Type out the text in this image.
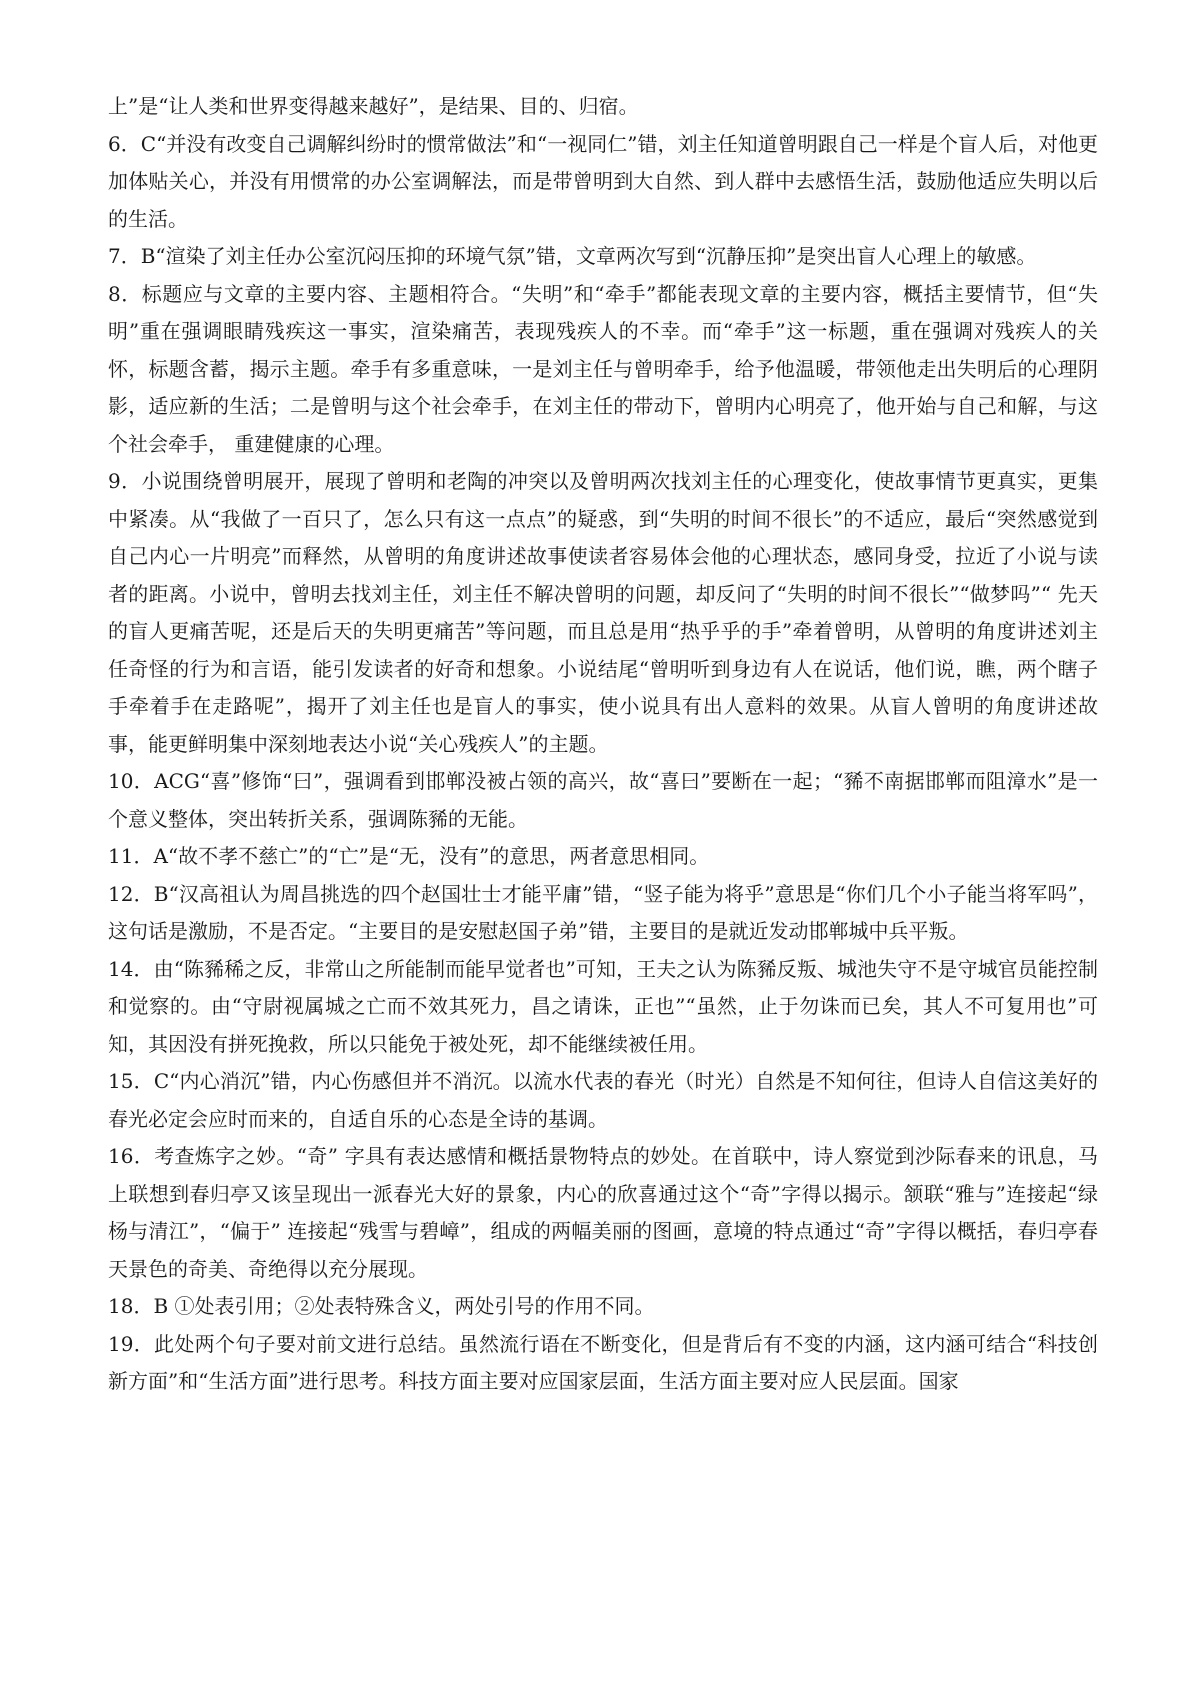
上”是“让人类和世界变得越来越好”，是结果、目的、归宿。

6．C“并没有改变自己调解纠纷时的惯常做法”和“一视同仁”错，刘主任知道曾明跟自己一样是个盲人后，对他更加体贴关心，并没有用惯常的办公室调解法，而是带曾明到大自然、到人群中去感悟生活，鼓励他适应失明以后的生活。

7．B“渲染了刘主任办公室沉闷压抑的环境气氛”错，文章两次写到“沉静压抑”是突出盲人心理上的敏感。

8．标题应与文章的主要内容、主题相符合。“失明”和“牵手”都能表现文章的主要内容，概括主要情节，但“失明”重在强调眼睛残疾这一事实，渲染痛苦，表现残疾人的不幸。而“牵手”这一标题，重在强调对残疾人的关怀，标题含蓄，揭示主题。牵手有多重意味，一是刘主任与曾明牵手，给予他温暖，带领他走出失明后的心理阴影，适应新的生活；二是曾明与这个社会牵手，在刘主任的带动下，曾明内心明亮了，他开始与自己和解，与这个社会牵手， 重建健康的心理。

9．小说围绕曾明展开，展现了曾明和老陶的冲突以及曾明两次找刘主任的心理变化，使故事情节更真实，更集中紧凑。从“我做了一百只了，怎么只有这一点点”的疑惑，到“失明的时间不很长”的不适应，最后“突然感觉到自己内心一片明亮”而释然，从曾明的角度讲述故事使读者容易体会他的心理状态，感同身受，拉近了小说与读者的距离。小说中，曾明去找刘主任，刘主任不解决曾明的问题，却反问了“失明的时间不很长”“做梦吗”“ 先天的盲人更痛苦呢，还是后天的失明更痛苦”等问题，而且总是用“热乎乎的手”牵着曾明，从曾明的角度讲述刘主任奇怪的行为和言语，能引发读者的好奇和想象。小说结尾“曾明听到身边有人在说话，他们说，瞧，两个瞎子手牵着手在走路呢”，揭开了刘主任也是盲人的事实，使小说具有出人意料的效果。从盲人曾明的角度讲述故事，能更鲜明集中深刻地表达小说“关心残疾人”的主题。

10．ACG“喜”修饰“曰”，强调看到邯郸没被占领的高兴，故“喜曰”要断在一起；“豨不南据邯郸而阻漳水”是一个意义整体，突出转折关系，强调陈豨的无能。

11．A“故不孝不慈亡”的“亡”是“无，没有”的意思，两者意思相同。

12．B“汉高祖认为周昌挑选的四个赵国壮士才能平庸”错，“竖子能为将乎”意思是“你们几个小子能当将军吗”，这句话是激励，不是否定。“主要目的是安慰赵国子弟”错，主要目的是就近发动邯郸城中兵平叛。

14．由“陈豨稀之反，非常山之所能制而能早觉者也”可知，王夫之认为陈豨反叛、城池失守不是守城官员能控制和觉察的。由“守尉视属城之亡而不效其死力，昌之请诛，正也”“虽然，止于勿诛而已矣，其人不可复用也”可知，其因没有拼死挽救，所以只能免于被处死，却不能继续被任用。

15．C“内心消沉”错，内心伤感但并不消沉。以流水代表的春光（时光）自然是不知何往，但诗人自信这美好的春光必定会应时而来的，自适自乐的心态是全诗的基调。

16．考查炼字之妙。“奇” 字具有表达感情和概括景物特点的妙处。在首联中，诗人察觉到沙际春来的讯息，马上联想到春归亭又该呈现出一派春光大好的景象，内心的欣喜通过这个“奇”字得以揭示。颔联“雅与”连接起“绿杨与清江”，“偏于” 连接起“残雪与碧嶂”，组成的两幅美丽的图画，意境的特点通过“奇”字得以概括，春归亭春天景色的奇美、奇绝得以充分展现。

18．B ①处表引用；②处表特殊含义，两处引号的作用不同。

19．此处两个句子要对前文进行总结。虽然流行语在不断变化，但是背后有不变的内涵，这内涵可结合“科技创新方面”和“生活方面”进行思考。科技方面主要对应国家层面，生活方面主要对应人民层面。国家
